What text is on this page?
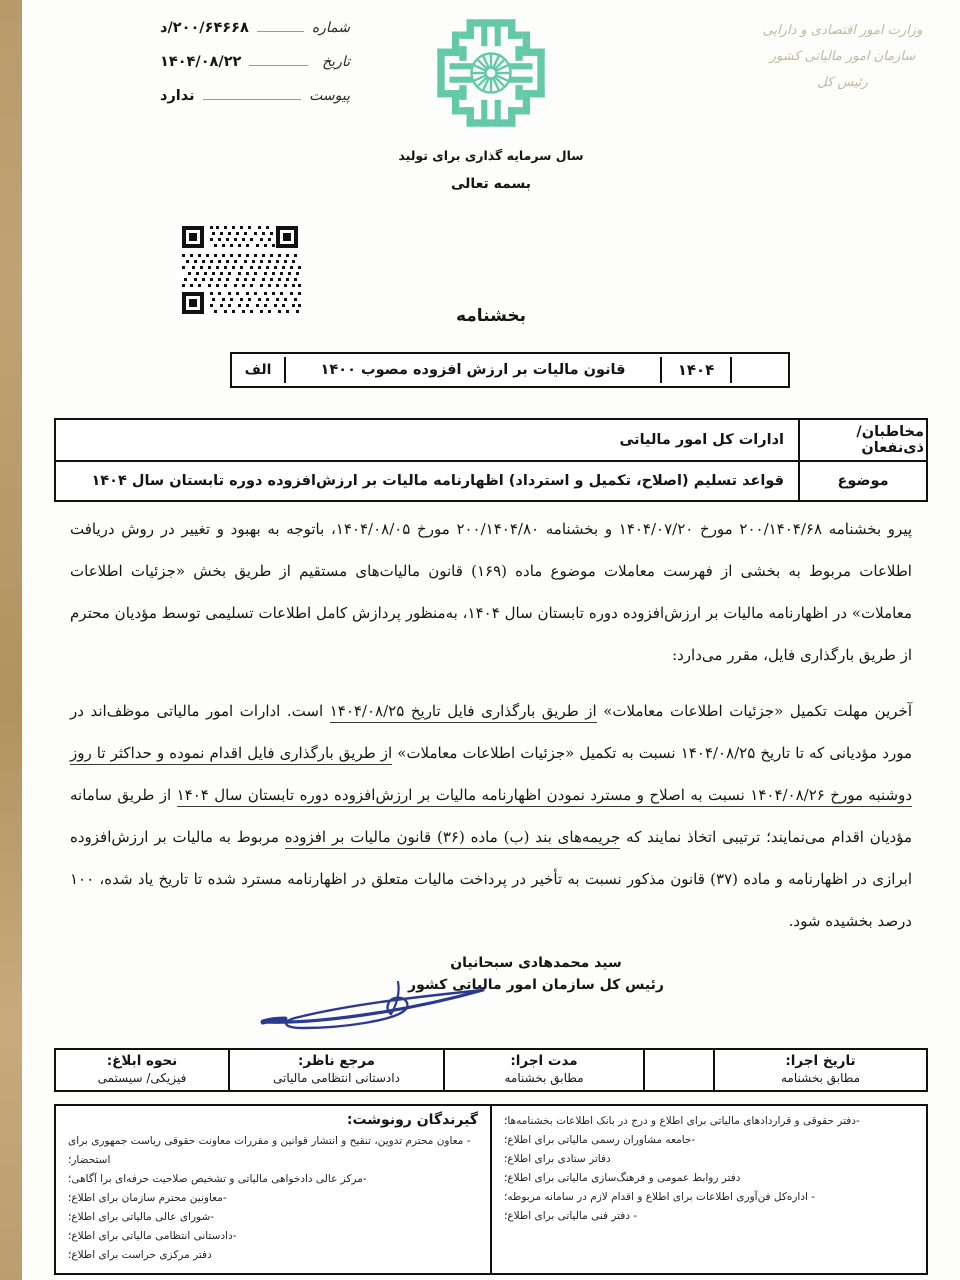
شماره
۲۰۰/۶۴۶۶۸/د
تاریخ
۱۴۰۴/۰۸/۲۲
پیوست
ندارد
وزارت امور اقتصادی و دارایی
سازمان امور مالیاتی کشور
رئیس کل
سال سرمایه گذاری برای تولید
بسمه تعالی
بخشنامه
۱۴۰۴
قانون مالیات بر ارزش افزوده مصوب ۱۴۰۰
الف
مخاطبان/ذی‌نفعان
ادارات کل امور مالیاتی
موضوع
قواعد تسلیم (اصلاح، تکمیل و استرداد) اظهارنامه مالیات بر ارزش‌افزوده دوره تابستان سال ۱۴۰۴

پیرو بخشنامه ۲۰۰/۱۴۰۴/۶۸ مورخ ۱۴۰۴/۰۷/۲۰ و بخشنامه ۲۰۰/۱۴۰۴/۸۰ مورخ ۱۴۰۴/۰۸/۰۵، باتوجه به بهبود و تغییر در روش دریافت اطلاعات مربوط به بخشی از فهرست معاملات موضوع ماده (۱۶۹) قانون مالیات‌های مستقیم از طریق بخش «جزئیات اطلاعات معاملات» در اظهارنامه مالیات بر ارزش‌افزوده دوره تابستان سال ۱۴۰۴، به‌منظور پردازش کامل اطلاعات تسلیمی توسط مؤدیان محترم از طریق بارگذاری فایل، مقرر می‌دارد:

آخرین مهلت تکمیل «جزئیات اطلاعات معاملات» از طریق بارگذاری فایل تاریخ ۱۴۰۴/۰۸/۲۵ است. ادارات امور مالیاتی موظف‌اند در مورد مؤدیانی که تا تاریخ ۱۴۰۴/۰۸/۲۵ نسبت به تکمیل «جزئیات اطلاعات معاملات» از طریق بارگذاری فایل اقدام نموده و حداکثر تا روز دوشنبه مورخ ۱۴۰۴/۰۸/۲۶ نسبت به اصلاح و مسترد نمودن اظهارنامه مالیات بر ارزش‌افزوده دوره تابستان سال ۱۴۰۴ از طریق سامانه مؤدیان اقدام می‌نمایند؛ ترتیبی اتخاذ نمایند که جریمه‌های بند (ب) ماده (۳۶) قانون مالیات بر افزوده مربوط به مالیات بر ارزش‌افزوده ابرازی در اظهارنامه و ماده (۳۷) قانون مذکور نسبت به تأخیر در پرداخت مالیات متعلق در اظهارنامه مسترد شده تا تاریخ یاد شده، ۱۰۰ درصد بخشیده شود.

سید محمدهادی سبحانیان
رئیس کل سازمان امور مالیاتی کشور
تاریخ اجرا:
مطابق بخشنامه
مدت اجرا:
مطابق بخشنامه
مرجع ناظر:
دادستانی انتظامی مالیاتی
نحوه ابلاغ:
فیزیکی/ سیستمی
-دفتر حقوقی و قراردادهای مالیاتی برای اطلاع و درج در بانک اطلاعات بخشنامه‌ها؛
-جامعه مشاوران رسمی مالیاتی برای اطلاع؛
دفاتر ستادی برای اطلاع؛
دفتر روابط عمومی و فرهنگ‌سازی مالیاتی برای اطلاع؛
- اداره‌کل فن‌آوری اطلاعات برای اطلاع و اقدام لازم در سامانه مربوطه؛
- دفتر فنی مالیاتی برای اطلاع؛
گیرندگان رونوشت:
- معاون محترم تدوین، تنقیح و انتشار قوانین و مقررات معاونت حقوقی ریاست جمهوری برای استحضار؛
-مرکز عالی دادخواهی مالیاتی و تشخیص صلاحیت حرفه‌ای برا آگاهی؛
-معاونین محترم سازمان برای اطلاع؛
-شورای عالی مالیاتی برای اطلاع؛
-دادستانی انتظامی مالیاتی برای اطلاع؛
دفتر مرکزی حراست برای اطلاع؛
